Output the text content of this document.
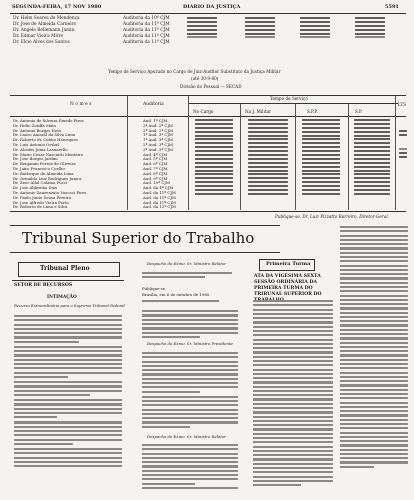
SEGUNDA-FEIRA, 17 NOV 1980	DIARIO DA JUSTIÇA	5591
Dr. Helm Soares de Mendonça	Auditoria da 10ª CJM
Dr. Jose de Almeida Carneiro	Auditoria da 11ª CJM
Dr. Angelo Bellemann Jamin	Auditoria da 11ª CJM
Dr. Edmar Vieira Mitre	Auditoria da 11ª CJM
Dr. Elcio Alves dos Santos	Auditoria da 11ª CJM
Tempo de Serviço Apurado no Cargo de Juiz-Auditor Substituto da Justiça Militar
(até 30-9-80)
Divisão do Pessoal — SECAD
Tempo de Serviço
Nomes	Auditoria
No Cargo	Na J. Militar	S.P.P.	S.P.
LTS
Dr. Antonio de Silveira Pinedo Pires	Aud. 1ª CJM
Dr. Helio Zotiffa Maia	2ª Aud. 2ª CJM
Dr. Antonio Borges Neto	2ª Aud. 2ª CJM
Dr. Lauro Amaral da Silva Lima	1ª Aud. 3ª CJM
Dr. Roberto de Cunha Henriques	1ª Aud. 3ª CJM
Dr. Luis Antonio Orsbel	2ª Aud. 3ª CJM
Dr. Alcides Juma Lasnarello	3ª Aud. 3ª CJM
Dr. Mario Cesar Nasciutti Monteiro	Aud. 4ª CJM
Dr. Jose Borges Jardim	Aud. 5ª CJM
Dr. Benjamin Ferraz de Oliveira	Aud. 6ª CJM
Dr. Jairo Francisco Coelho	Aud. 7ª CJM
Dr. Barbeque de Almeida Lima	Aud. 8ª CJM
Dr. Ormaldo Luiz Rodrigues Junior	Aud. 9ª CJM
Dr. Zeer Allal Calama Pucci	Aud. 10ª CJM
Dr. Jose Aldaroka Dias	Aud. da 4ª CJM
Dr. Antonio Zanzenzato Vascaci Pires	Aud. da 11ª CJM
Dr. Paulo Junio Sousa Pereira	Aud. da 11ª CJM
Dr. Jose Alfredo Vieira Porto	Aud. da 11ª CJM
Dr. Roberto de Lima e Silva	Aud. da 12ª CJM
Publique-se. Dr. Luiz Pizzatto Barreiro, Diretor-Geral.
Tribunal Superior do Trabalho
Tribunal Pleno
SETOR DE RECURSOS
INTIMAÇÃO
Recurso Extraordinário para o Supremo Tribunal Federal
Despacho do Exmo. Sr. Ministro Relator
Publique-se.
Brasília, em 6 de outubro de 1980.
Despacho do Exmo. Sr. Ministro Presidente
Despacho do Exmo. Sr. Ministro Relator
Primeira Turma
ATA DA VIGÉSIMA SEXTA SESSÃO ORDINÁRIA DA PRIMEIRA TURMA DO TRIBUNAL SUPERIOR DO
